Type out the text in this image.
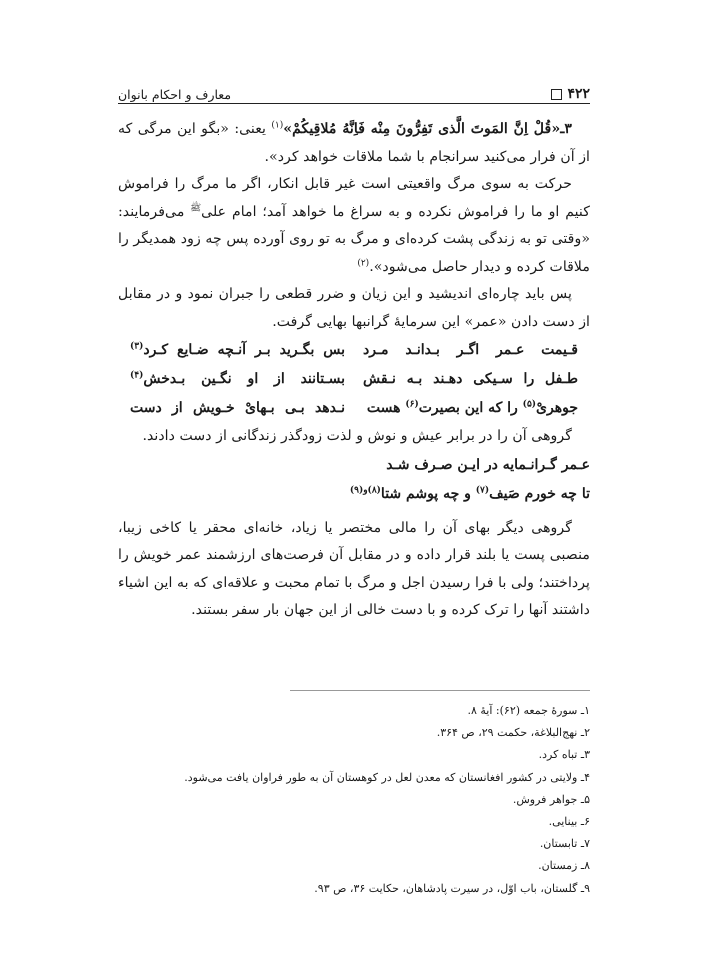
۴۲۲
معارف و احکام بانوان

۳ـ«قُلْ اِنَّ المَوتَ الَّذی تَفِرُّونَ مِنْه فَاِنَّهُ مُلاقِیکُمْ»$^{(۱)}$ یعنی: «بگو این مرگی که از آن فرار می‌کنید سرانجام با شما ملاقات خواهد کرد».

حرکت به سوی مرگ واقعیتی است غیر قابل انکار، اگر ما مرگ را فراموش کنیم او ما را فراموش نکرده و به سراغ ما خواهد آمد؛ امام علی$^ﷺ$ می‌فرمایند: «وقتی تو به زندگی پشت کرده‌ای و مرگ به تو روی آورده پس چه زود همدیگر را ملاقات کرده و دیدار حاصل می‌شود».$^{(۲)}$

پس باید چاره‌ای اندیشید و این زیان و ضرر قطعی را جبران نمود و در مقابل از دست دادن «عمر» این سرمایهٔ گرانبها بهایی گرفت.

قـیمت عـمر اگـر بـدانـد مـرد
بس بگـرید بـر آنـچه ضـایع کـرد$^{(۳)}$
طـفل را سـیکی دهـند بـه نـقش
بسـتانند از او نگـین بـدخش$^{(۴)}$
جوهریْ$^{(۵)}$ را که این بصیرت$^{(۶)}$ هست
نـدهد بـی بـهایْ خـویش از دست

گروهی آن را در برابر عیش و نوش و لذت زودگذر زندگانی از دست دادند.

عـمر گـرانـمایه در ایـن صـرف شـد
تا چه خورم صَیف$^{(۷)}$ و چه پوشم شتا$^{(۸)و(۹)}$

گروهی دیگر بهای آن را مالی مختصر یا زیاد، خانه‌ای محقر یا کاخی زیبا، منصبی پست یا بلند قرار داده و در مقابل آن فرصت‌های ارزشمند عمر خویش را پرداختند؛ ولی با فرا رسیدن اجل و مرگ با تمام محبت و علاقه‌ای که به این اشیاء داشتند آنها را ترک کرده و با دست خالی از این جهان بار سفر بستند.

۱ـ سورهٔ جمعه (۶۲): آیهٔ ۸.
۲ـ نهج‌البلاغة، حکمت ۲۹، ص ۳۶۴.
۳ـ تباه کرد.
۴ـ ولایتی در کشور افغانستان که معدن لعل در کوهستان آن به طور فراوان یافت می‌شود.
۵ـ جواهر فروش.
۶ـ بینایی.
۷ـ تابستان.
۸ـ زمستان.
۹ـ گلستان، باب اوّل، در سیرت پادشاهان، حکایت ۳۶، ص ۹۳.
